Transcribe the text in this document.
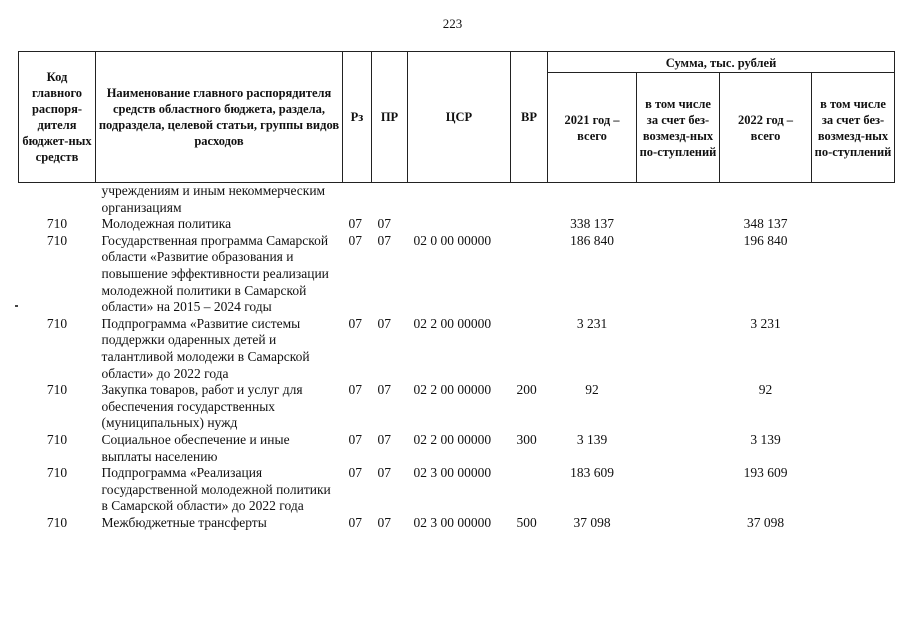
223
Код главного распоря-дителя бюджет-ных средств	Наименование главного распорядителя средств областного бюджета, раздела, подраздела, целевой статьи, группы видов расходов	Рз	ПР	ЦСР	ВР	Сумма, тыс. рублей			
						2021 год – всего	в том числе за счет без-возмезд-ных по-ступлений	2022 год – всего	в том числе за счет без-возмезд-ных по-ступлений

	учреждениям и иным некоммерческим организациям								
710	Молодежная политика	07	07			338 137		348 137	
710	Государственная программа Самарской области «Развитие образования и повышение эффективности реализации молодежной политики в Самарской области» на 2015 – 2024 годы	07	07	02 0 00 00000		186 840		196 840	
710	Подпрограмма «Развитие системы поддержки одаренных детей и талантливой молодежи в Самарской области» до 2022 года	07	07	02 2 00 00000		3 231		3 231	
710	Закупка товаров, работ и услуг для обеспечения государственных (муниципальных) нужд	07	07	02 2 00 00000	200	92		92	
710	Социальное обеспечение и иные выплаты населению	07	07	02 2 00 00000	300	3 139		3 139	
710	Подпрограмма «Реализация государственной молодежной политики в Самарской области» до 2022 года	07	07	02 3 00 00000		183 609		193 609	
710	Межбюджетные трансферты	07	07	02 3 00 00000	500	37 098		37 098	
